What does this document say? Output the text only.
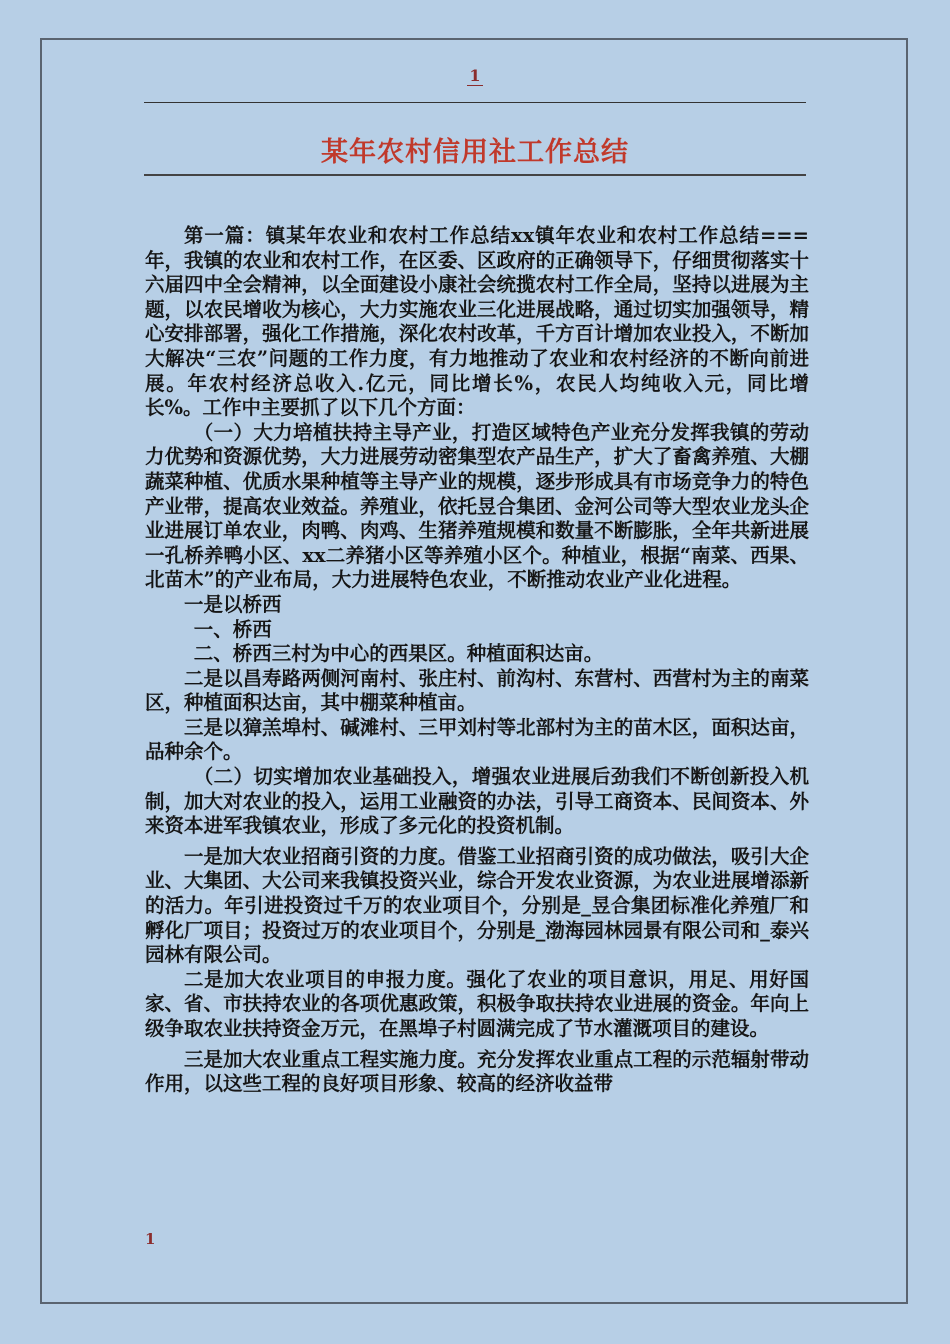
1
某年农村信用社工作总结

第一篇：镇某年农业和农村工作总结xx镇年农业和农村工作总结===年，我镇的农业和农村工作，在区委、区政府的正确领导下，仔细贯彻落实十六届四中全会精神，以全面建设小康社会统揽农村工作全局，坚持以进展为主题，以农民增收为核心，大力实施农业三化进展战略，通过切实加强领导，精心安排部署，强化工作措施，深化农村改革，千方百计增加农业投入，不断加大解决“三农”问题的工作力度，有力地推动了农业和农村经济的不断向前进展。年农村经济总收入.亿元，同比增长%，农民人均纯收入元，同比增长%。工作中主要抓了以下几个方面：

（一）大力培植扶持主导产业，打造区域特色产业充分发挥我镇的劳动力优势和资源优势，大力进展劳动密集型农产品生产，扩大了畜禽养殖、大棚蔬菜种植、优质水果种植等主导产业的规模，逐步形成具有市场竞争力的特色产业带，提高农业效益。养殖业，依托昱合集团、金河公司等大型农业龙头企业进展订单农业，肉鸭、肉鸡、生猪养殖规模和数量不断膨胀，全年共新进展一孔桥养鸭小区、xx二养猪小区等养殖小区个。种植业，根据“南菜、西果、北苗木”的产业布局，大力进展特色农业，不断推动农业产业化进程。

一是以桥西

一、桥西

二、桥西三村为中心的西果区。种植面积达亩。

二是以昌寿路两侧河南村、张庄村、前沟村、东营村、西营村为主的南菜区，种植面积达亩，其中棚菜种植亩。

三是以獐羔埠村、碱滩村、三甲刘村等北部村为主的苗木区，面积达亩，品种余个。

（二）切实增加农业基础投入，增强农业进展后劲我们不断创新投入机制，加大对农业的投入，运用工业融资的办法，引导工商资本、民间资本、外来资本进军我镇农业，形成了多元化的投资机制。

一是加大农业招商引资的力度。借鉴工业招商引资的成功做法，吸引大企业、大集团、大公司来我镇投资兴业，综合开发农业资源，为农业进展增添新的活力。年引进投资过千万的农业项目个，分别是_昱合集团标准化养殖厂和孵化厂项目；投资过万的农业项目个，分别是_渤海园林园景有限公司和_泰兴园林有限公司。

二是加大农业项目的申报力度。强化了农业的项目意识，用足、用好国家、省、市扶持农业的各项优惠政策，积极争取扶持农业进展的资金。年向上级争取农业扶持资金万元，在黑埠子村圆满完成了节水灌溉项目的建设。

三是加大农业重点工程实施力度。充分发挥农业重点工程的示范辐射带动作用，以这些工程的良好项目形象、较高的经济收益带

1
